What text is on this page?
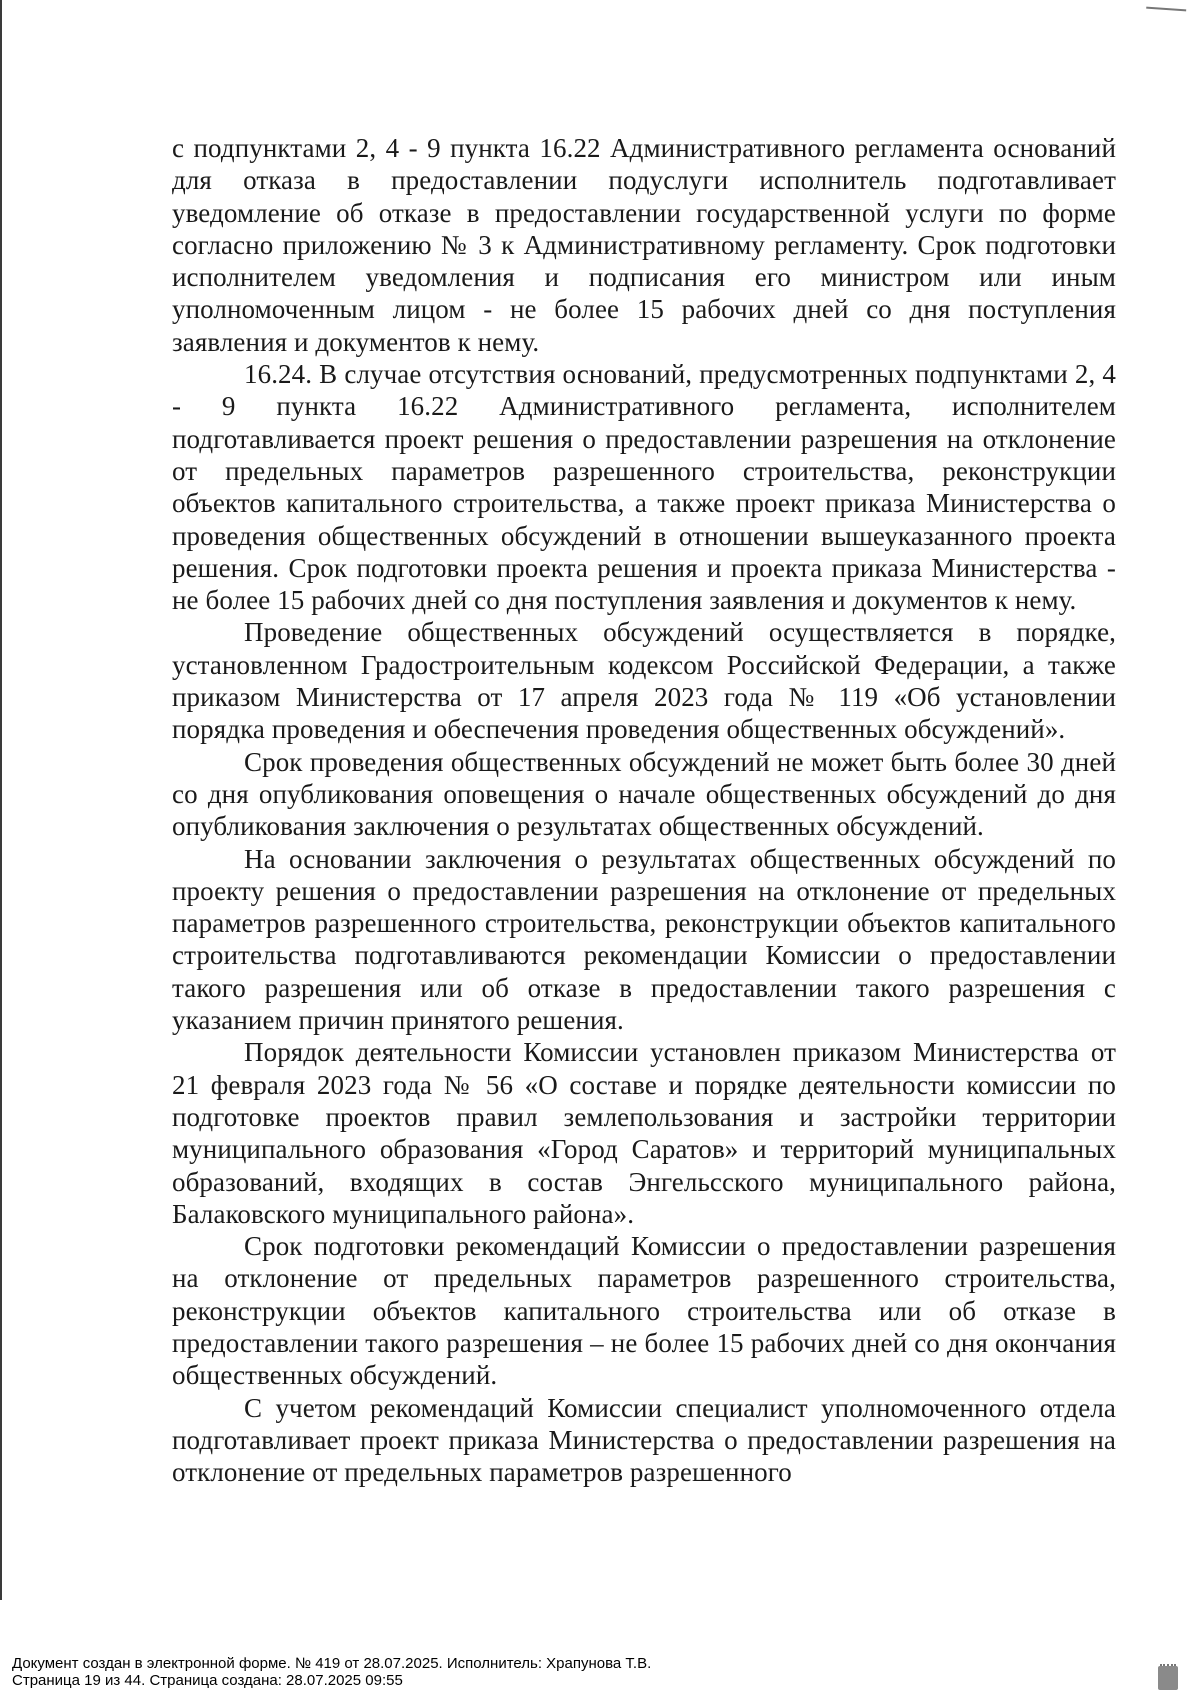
с подпунктами 2, 4 - 9 пункта 16.22 Административного регламента оснований для отказа в предоставлении подуслуги исполнитель подготавливает уведомление об отказе в предоставлении государственной услуги по форме согласно приложению № 3 к Административному регламенту. Срок подготовки исполнителем уведомления и подписания его министром или иным уполномоченным лицом - не более 15 рабочих дней со дня поступления заявления и документов к нему.

16.24. В случае отсутствия оснований, предусмотренных подпунктами 2, 4 - 9 пункта 16.22 Административного регламента, исполнителем подготавливается проект решения о предоставлении разрешения на отклонение от предельных параметров разрешенного строительства, реконструкции объектов капитального строительства, а также проект приказа Министерства о проведения общественных обсуждений в отношении вышеуказанного проекта решения. Срок подготовки проекта решения и проекта приказа Министерства - не более 15 рабочих дней со дня поступления заявления и документов к нему.

Проведение общественных обсуждений осуществляется в порядке, установленном Градостроительным кодексом Российской Федерации, а также приказом Министерства от 17 апреля 2023 года № 119 «Об установлении порядка проведения и обеспечения проведения общественных обсуждений».

Срок проведения общественных обсуждений не может быть более 30 дней со дня опубликования оповещения о начале общественных обсуждений до дня опубликования заключения о результатах общественных обсуждений.

На основании заключения о результатах общественных обсуждений по проекту решения о предоставлении разрешения на отклонение от предельных параметров разрешенного строительства, реконструкции объектов капитального строительства подготавливаются рекомендации Комиссии о предоставлении такого разрешения или об отказе в предоставлении такого разрешения с указанием причин принятого решения.

Порядок деятельности Комиссии установлен приказом Министерства от 21 февраля 2023 года № 56 «О составе и порядке деятельности комиссии по подготовке проектов правил землепользования и застройки территории муниципального образования «Город Саратов» и территорий муниципальных образований, входящих в состав Энгельсского муниципального района, Балаковского муниципального района».

Срок подготовки рекомендаций Комиссии о предоставлении разрешения на отклонение от предельных параметров разрешенного строительства, реконструкции объектов капитального строительства или об отказе в предоставлении такого разрешения – не более 15 рабочих дней со дня окончания общественных обсуждений.

С учетом рекомендаций Комиссии специалист уполномоченного отдела подготавливает проект приказа Министерства о предоставлении разрешения на отклонение от предельных параметров разрешенного

Документ создан в электронной форме. № 419 от 28.07.2025. Исполнитель: Храпунова Т.В.
Страница 19 из 44. Страница создана: 28.07.2025 09:55
